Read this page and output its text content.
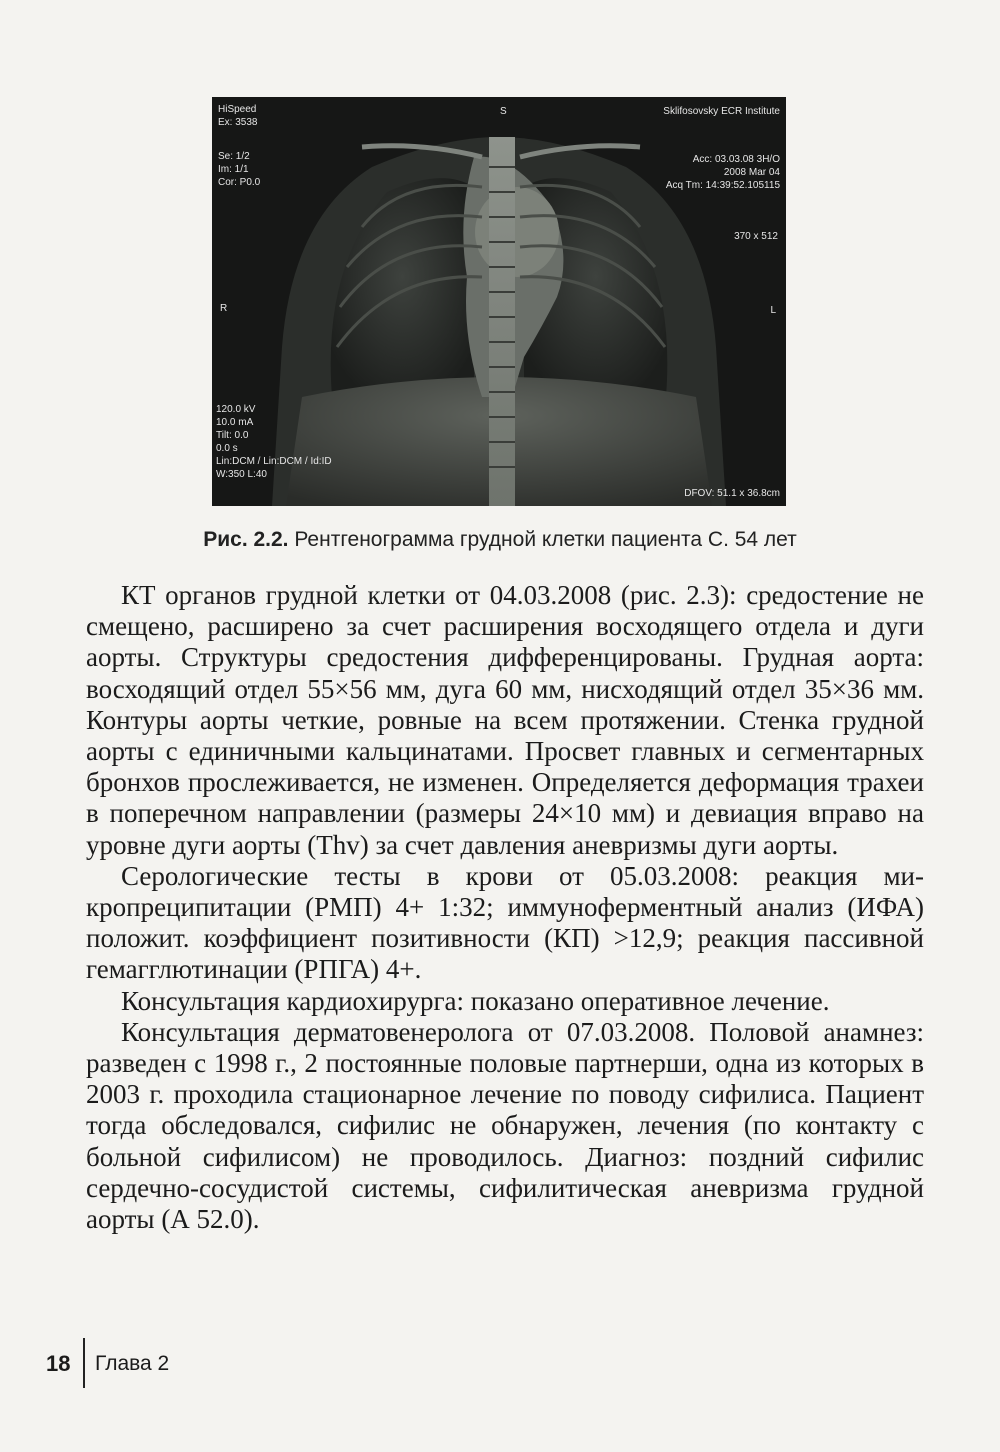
HiSpeed
Ex: 3538
Se: 1/2
Im: 1/1
Cor: P0.0
S	Sklifosovsky ECR Institute
Acc: 03.03.08 3H/O
2008 Mar 04
Acq Tm: 14:39:52.105115
370 x 512
R	L
120.0 kV
10.0 mA
Tilt: 0.0
0.0 s
Lin:DCM / Lin:DCM / Id:ID
W:350 L:40
DFOV: 51.1 x 36.8cm
Рис. 2.2. Рентгенограмма грудной клетки пациента С. 54 лет

КТ органов грудной клетки от 04.03.2008 (рис. 2.3): средостение не смещено, расширено за счет расширения восходящего отдела и дуги аорты. Структуры средостения дифференцированы. Грудная аорта: восходящий отдел 55×56 мм, дуга 60 мм, нисходящий отдел 35×36 мм. Контуры аорты четкие, ровные на всем протяжении. Стенка грудной аорты с единичными кальцинатами. Просвет главных и сегментарных бронхов прослеживается, не изменен. Определяется деформация трахеи в поперечном направлении (размеры 24×10 мм) и девиация вправо на уровне дуги аорты (Thv) за счет давления аневризмы дуги аорты.

Серологические тесты в крови от 05.03.2008: реакция микропреципитации (РМП) 4+ 1:32; иммуноферментный анализ (ИФА) положит. коэффициент позитивности (КП) >12,9; реакция пассивной гемагглютинации (РПГА) 4+.

Консультация кардиохирурга: показано оперативное лечение.

Консультация дерматовенеролога от 07.03.2008. Половой анамнез: разведен с 1998 г., 2 постоянные половые партнерши, одна из которых в 2003 г. проходила стационарное лечение по поводу сифилиса. Пациент тогда обследовался, сифилис не обнаружен, лечения (по контакту с больной сифилисом) не проводилось. Диагноз: поздний сифилис сердечно-сосудистой системы, сифилитическая аневризма грудной аорты (А 52.0).

18 Глава 2
